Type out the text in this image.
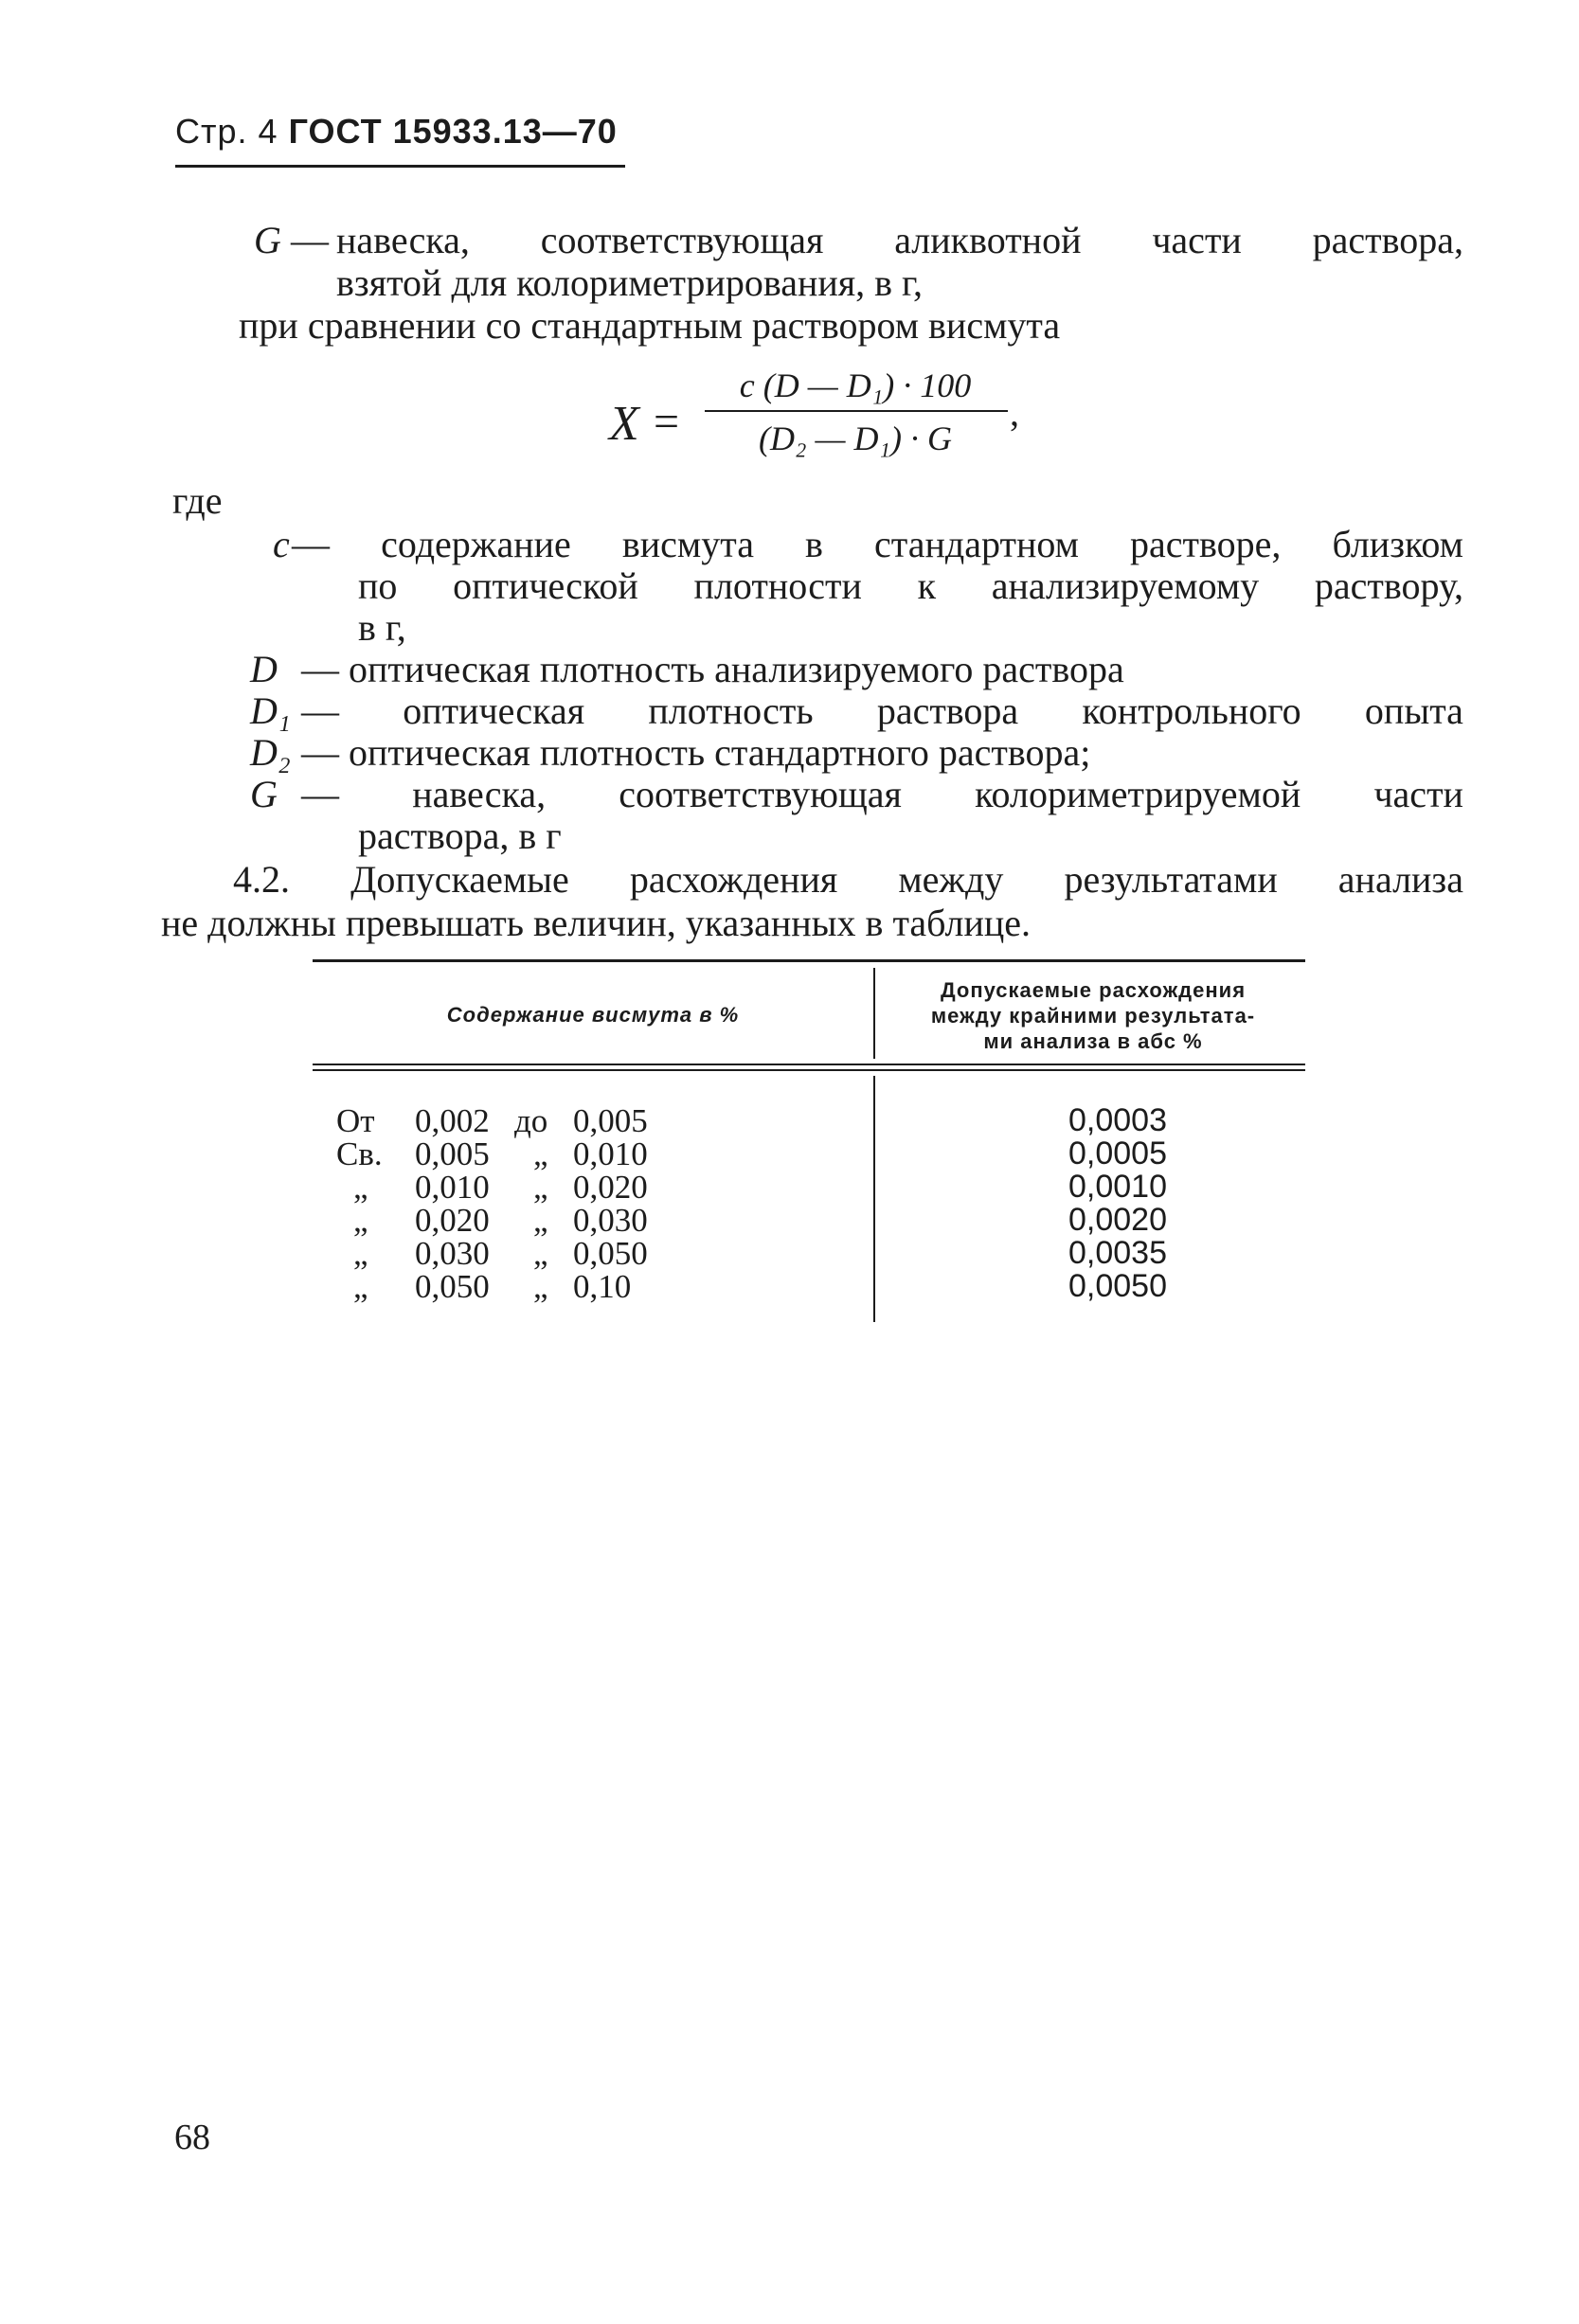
Стр. 4 ГОСТ 15933.13—70
G — навеска, соответствующая аликвотной части раствора,
взятой для колориметрирования, в г,
при сравнении со стандартным раствором висмута
X =
c (D — D₁) · 100
(D₂ — D₁) · G
,
где
c — содержание висмута в стандартном растворе, близком
по оптической плотности к анализируемому раствору,
в г,
D — оптическая плотность анализируемого раствора
D₁ — оптическая плотность раствора контрольного опыта
D₂ — оптическая плотность стандартного раствора;
G — навеска, соответствующая колориметрируемой части
раствора, в г
4.2. Допускаемые расхождения между результатами анализа
не должны превышать величин, указанных в таблице.
Содержание висмута в %
Допускаемые расхождения
между крайними результата-
ми анализа в абс %
От 0,002 до 0,005	0,0003
Св. 0,005 „ 0,010	0,0005
„ 0,010 „ 0,020	0,0010
„ 0,020 „ 0,030	0,0020
„ 0,030 „ 0,050	0,0035
„ 0,050 „ 0,10	0,0050
68
